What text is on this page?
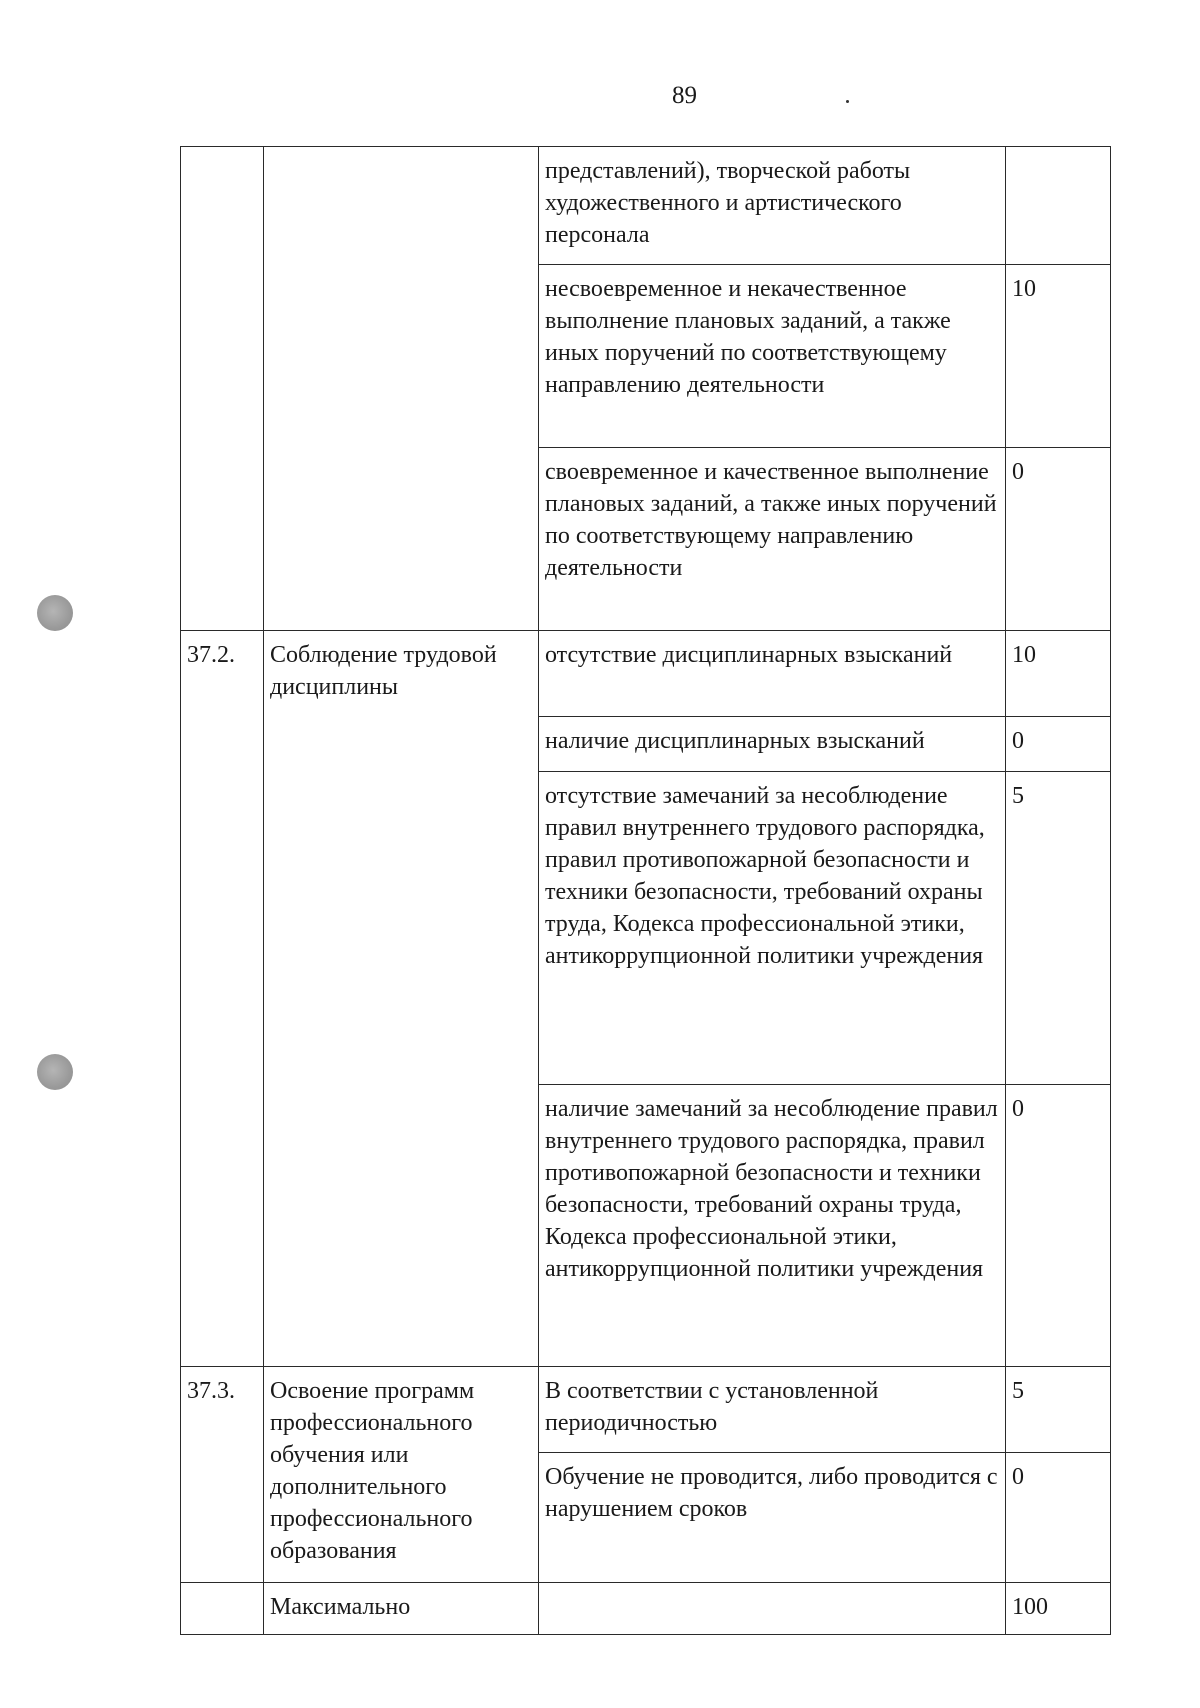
89
		представлений), творческой работы художественного и артистического персонала	
		несвоевременное и некачественное выполнение плановых заданий, а также иных поручений по соответствующему направлению деятельности	10
		своевременное и качественное выполнение плановых заданий, а также иных поручений по соответствующему направлению деятельности	0
37.2.	Соблюдение трудовой дисциплины	отсутствие дисциплинарных взысканий	10
		наличие дисциплинарных взысканий	0
		отсутствие замечаний за несоблюдение правил внутреннего трудового распорядка, правил противопожарной безопасности и техники безопасности, требований охраны труда, Кодекса профессиональной этики, антикоррупционной политики учреждения	5
		наличие замечаний за несоблюдение правил внутреннего трудового распорядка, правил противопожарной безопасности и техники безопасности, требований охраны труда, Кодекса профессиональной этики, антикоррупционной политики учреждения	0
37.3.	Освоение программ профессионального обучения или дополнительного профессионального образования	В соответствии с установленной периодичностью	5
		Обучение не проводится, либо проводится с нарушением сроков	0
	Максимально		100
